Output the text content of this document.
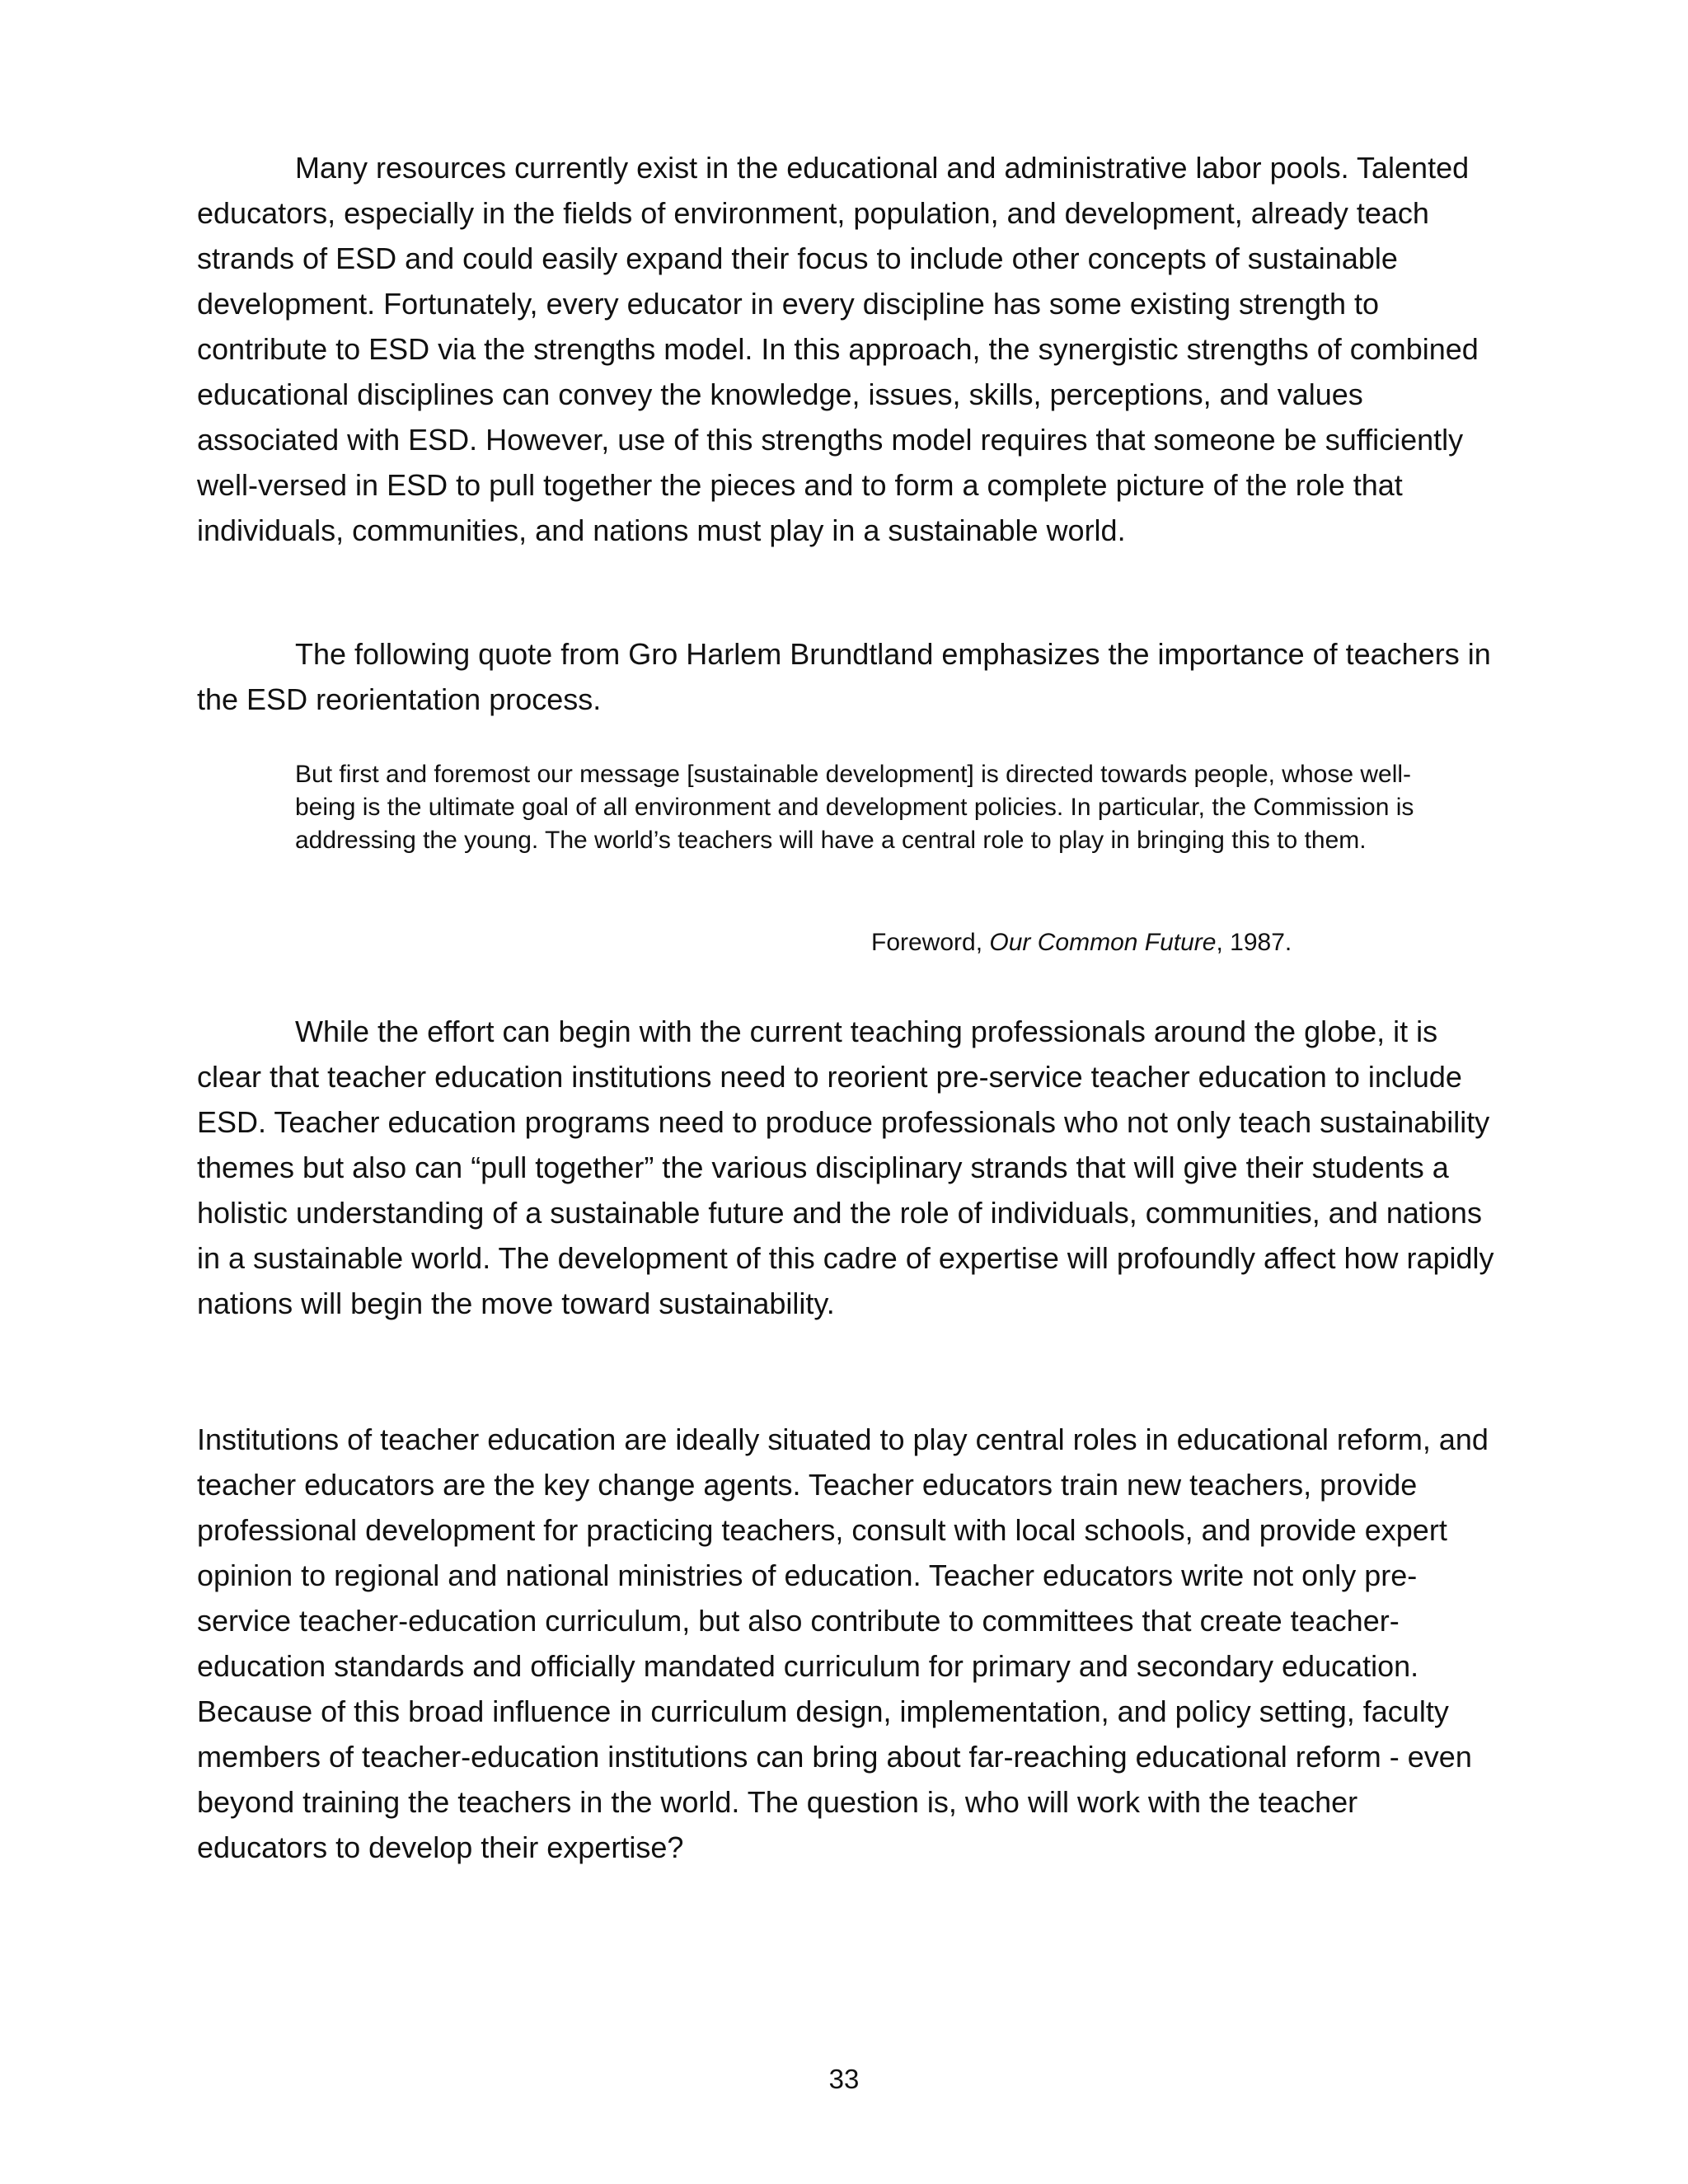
Many resources currently exist in the educational and administrative labor pools. Talented educators, especially in the fields of environment, population, and development, already teach strands of ESD and could easily expand their focus to include other concepts of sustainable development. Fortunately, every educator in every discipline has some existing strength to contribute to ESD via the strengths model. In this approach, the synergistic strengths of combined educational disciplines can convey the knowledge, issues, skills, perceptions, and values associated with ESD. However, use of this strengths model requires that someone be sufficiently well-versed in ESD to pull together the pieces and to form a complete picture of the role that individuals, communities, and nations must play in a sustainable world.

The following quote from Gro Harlem Brundtland emphasizes the importance of teachers in the ESD reorientation process.

But first and foremost our message [sustainable development] is directed towards people, whose well-being is the ultimate goal of all environment and development policies. In particular, the Commission is addressing the young. The world’s teachers will have a central role to play in bringing this to them.

Foreword, Our Common Future, 1987.

While the effort can begin with the current teaching professionals around the globe, it is clear that teacher education institutions need to reorient pre-service teacher education to include ESD. Teacher education programs need to produce professionals who not only teach sustainability themes but also can “pull together” the various disciplinary strands that will give their students a holistic understanding of a sustainable future and the role of individuals, communities, and nations in a sustainable world. The development of this cadre of expertise will profoundly affect how rapidly nations will begin the move toward sustainability.

Institutions of teacher education are ideally situated to play central roles in educational reform, and teacher educators are the key change agents. Teacher educators train new teachers, provide professional development for practicing teachers, consult with local schools, and provide expert opinion to regional and national ministries of education. Teacher educators write not only pre-service teacher-education curriculum, but also contribute to committees that create teacher-education standards and officially mandated curriculum for primary and secondary education. Because of this broad influence in curriculum design, implementation, and policy setting, faculty members of teacher-education institutions can bring about far-reaching educational reform - even beyond training the teachers in the world. The question is, who will work with the teacher educators to develop their expertise?

33
